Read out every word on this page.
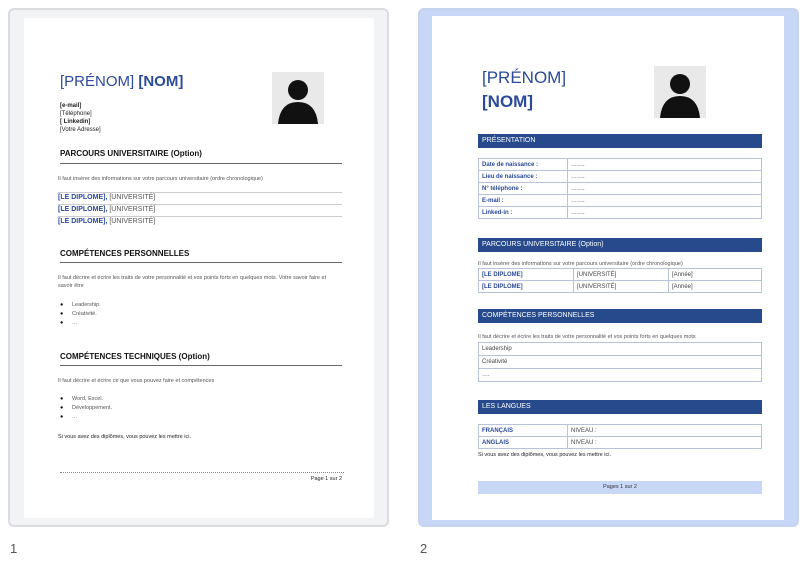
[PRÉNOM] [NOM]
[e-mail]
[Téléphone]
[ Linkedin]
[Votre Adresse]
PARCOURS UNIVERSITAIRE (Option)
Il faut insérer des informations sur votre parcours universitaire (ordre chronologique)
[LE DIPLOME], [UNIVERSITÉ]
[LE DIPLOME], [UNIVERSITÉ]
[LE DIPLOME], [UNIVERSITÉ]
COMPÉTENCES PERSONNELLES
Il faut décrire et écrire les traits de votre personnalité et vos points forts en quelques mots. Votre savoir faire et savoir être
● Leadership.
● Créativité.
● …
COMPÉTENCES TECHNIQUES (Option)
Il faut décrire et écrire ce que vous pouvez faire et compétences
● Word, Excel.
● Développement.
● …
Si vous avez des diplômes, vous pouvez les mettre ici.
Page 1 sur 2
1
[PRÉNOM]
[NOM]
PRÉSENTATION
Date de naissance :	…….
Lieu de naissance :	…….
N° téléphone :	…….
E-mail :	…….
Linked-in :	…….
PARCOURS UNIVERSITAIRE (Option)
Il faut insérer des informations sur votre parcours universitaire (ordre chronologique)
[LE DIPLOME]	[UNIVERSITÉ]	[Année]
[LE DIPLOME]	[UNIVERSITÉ]	[Année]
COMPÉTENCES PERSONNELLES
Il faut décrire et écrire les traits de votre personnalité et vos points forts en quelques mots
Leadership
Créativité
….
LES LANGUES
FRANÇAIS	NIVEAU :
ANGLAIS	NIVEAU :
Si vous avez des diplômes, vous pouvez les mettre ici.
Pages 1 sur 2
2
